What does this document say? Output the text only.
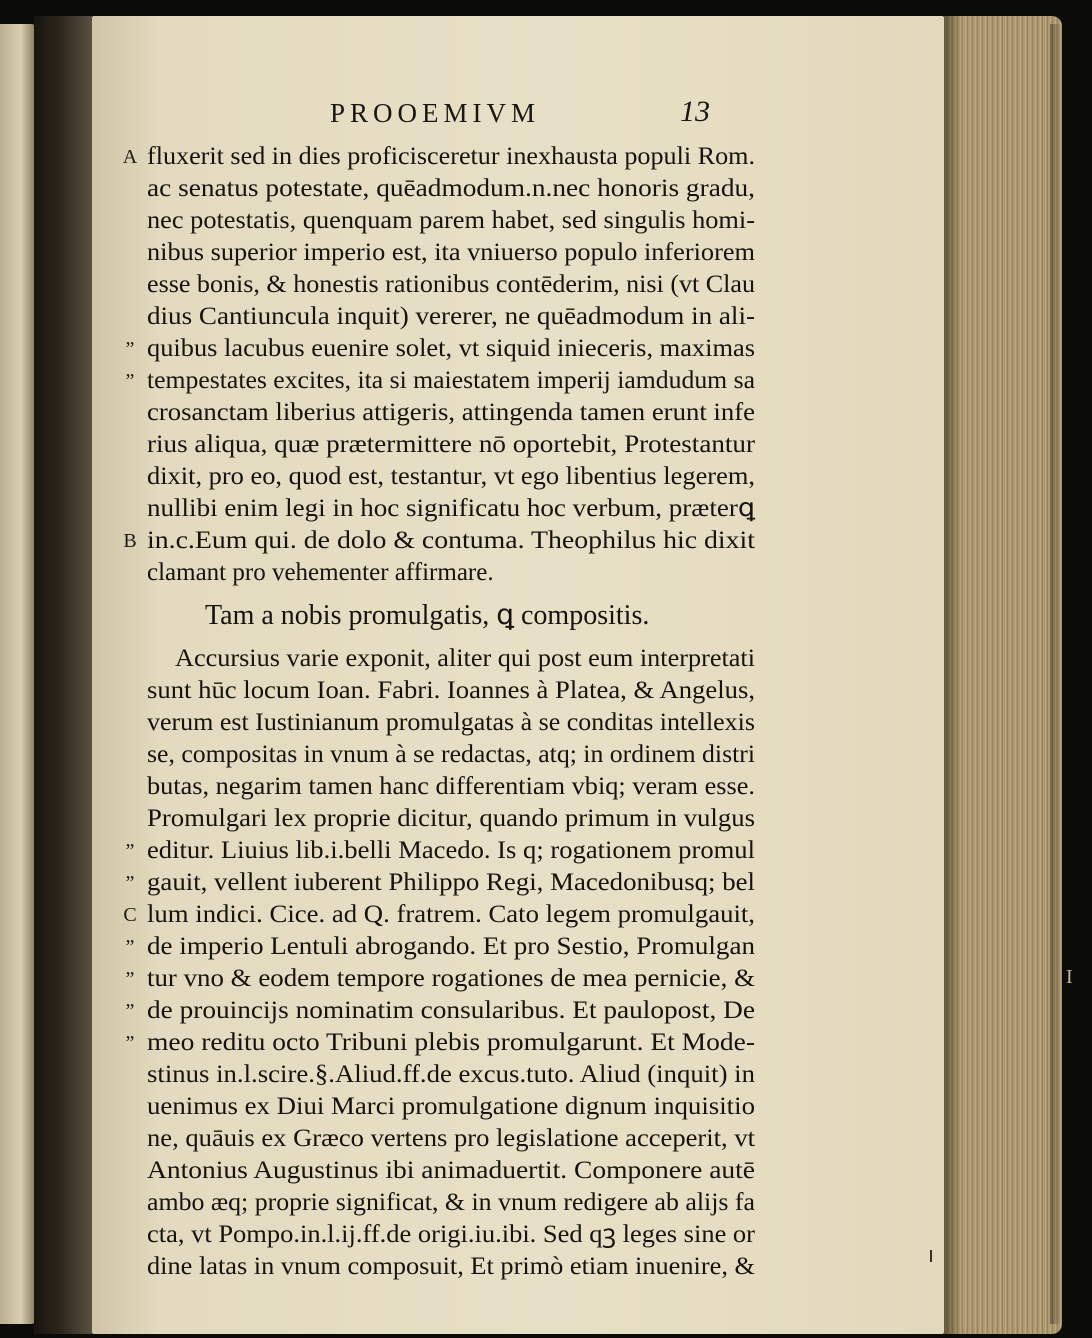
I
PROOEMIVM	13
A fluxerit sed in dies proficisceretur inexhausta populi Rom.
ac senatus potestate, quēadmodum.n.nec honoris gradu,
nec potestatis, quenquam parem habet, sed singulis homi-
nibus superior imperio est, ita vniuerso populo inferiorem
esse bonis, & honestis rationibus contēderim, nisi (vt Clau
dius Cantiuncula inquit) vererer, ne quēadmodum in ali-
” quibus lacubus euenire solet, vt siquid inieceris, maximas
” tempestates excites, ita si maiestatem imperij iamdudum sa
crosanctam liberius attigeris, attingenda tamen erunt infe
rius aliqua, quæ prætermittere nō oportebit, Protestantur
dixit, pro eo, quod est, testantur, vt ego libentius legerem,
nullibi enim legi in hoc significatu hoc verbum, præterꝗ
B in.c.Eum qui. de dolo & contuma. Theophilus hic dixit
clamant pro vehementer affirmare.
Tam a nobis promulgatis, ꝗ compositis.
Accursius varie exponit, aliter qui post eum interpretati
sunt hūc locum Ioan. Fabri. Ioannes à Platea, & Angelus,
verum est Iustinianum promulgatas à se conditas intellexis
se, compositas in vnum à se redactas, atq; in ordinem distri
butas, negarim tamen hanc differentiam vbiq; veram esse.
Promulgari lex proprie dicitur, quando primum in vulgus
” editur. Liuius lib.i.belli Macedo. Is q; rogationem promul
” gauit, vellent iuberent Philippo Regi, Macedonibusq; bel
C lum indici. Cice. ad Q. fratrem. Cato legem promulgauit,
” de imperio Lentuli abrogando. Et pro Sestio, Promulgan
” tur vno & eodem tempore rogationes de mea pernicie, &
” de prouincijs nominatim consularibus. Et paulopost, De
” meo reditu octo Tribuni plebis promulgarunt. Et Mode-
stinus in.l.scire.§.Aliud.ff.de excus.tuto. Aliud (inquit) in
uenimus ex Diui Marci promulgatione dignum inquisitio
ne, quāuis ex Græco vertens pro legislatione acceperit, vt
Antonius Augustinus ibi animaduertit. Componere autē
ambo æq; proprie significat, & in vnum redigere ab alijs fa
cta, vt Pompo.in.l.ij.ff.de origi.iu.ibi. Sed qꝫ leges sine or
dine latas in vnum composuit, Et primò etiam inuenire, &
